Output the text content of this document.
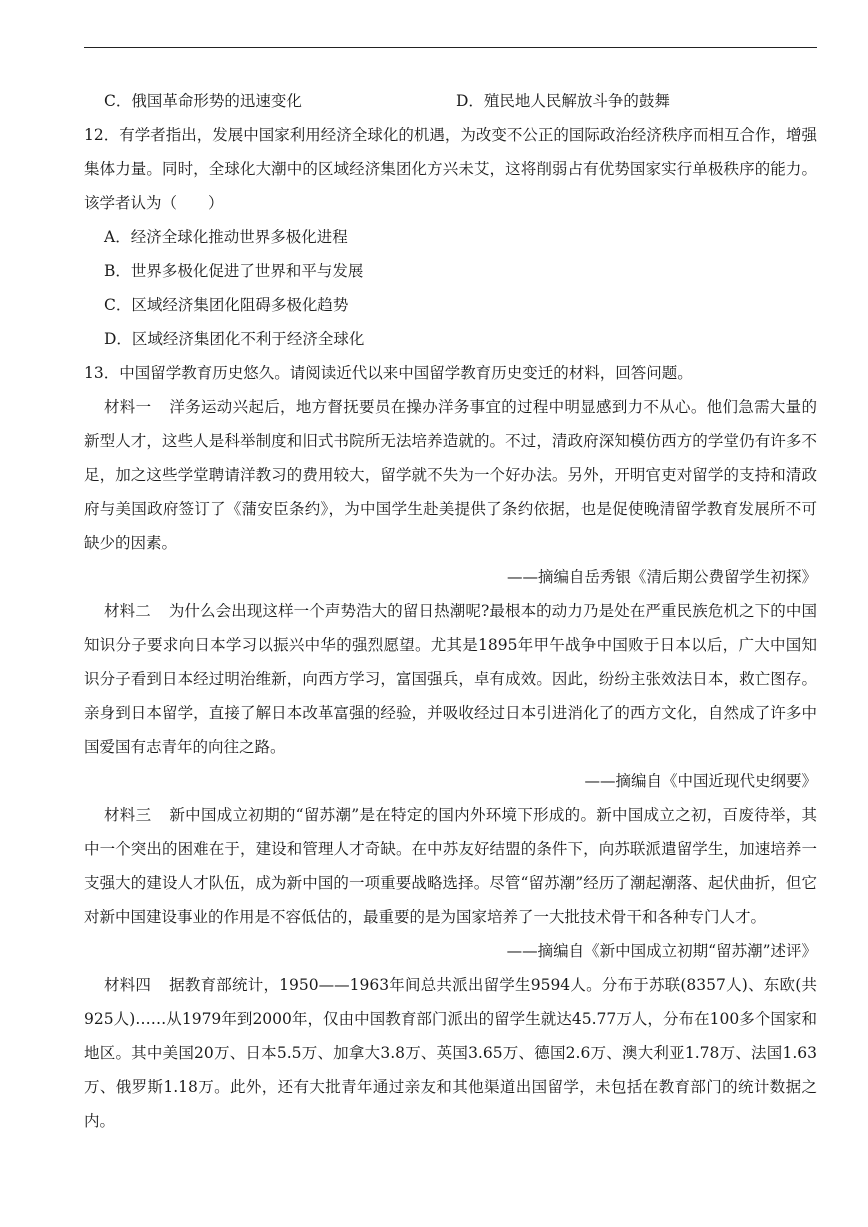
C．俄国革命形势的迅速变化	D．殖民地人民解放斗争的鼓舞

12．有学者指出，发展中国家利用经济全球化的机遇，为改变不公正的国际政治经济秩序而相互合作，增强集体力量。同时，全球化大潮中的区域经济集团化方兴未艾，这将削弱占有优势国家实行单极秩序的能力。该学者认为（　　）

A．经济全球化推动世界多极化进程
B．世界多极化促进了世界和平与发展
C．区域经济集团化阻碍多极化趋势
D．区域经济集团化不利于经济全球化

13．中国留学教育历史悠久。请阅读近代以来中国留学教育历史变迁的材料，回答问题。

材料一 洋务运动兴起后，地方督抚要员在操办洋务事宜的过程中明显感到力不从心。他们急需大量的新型人才，这些人是科举制度和旧式书院所无法培养造就的。不过，清政府深知模仿西方的学堂仍有许多不足，加之这些学堂聘请洋教习的费用较大，留学就不失为一个好办法。另外，开明官吏对留学的支持和清政府与美国政府签订了《蒲安臣条约》，为中国学生赴美提供了条约依据，也是促使晚清留学教育发展所不可缺少的因素。

——摘编自岳秀银《清后期公费留学生初探》

材料二 为什么会出现这样一个声势浩大的留日热潮呢?最根本的动力乃是处在严重民族危机之下的中国知识分子要求向日本学习以振兴中华的强烈愿望。尤其是1895年甲午战争中国败于日本以后，广大中国知识分子看到日本经过明治维新，向西方学习，富国强兵，卓有成效。因此，纷纷主张效法日本，救亡图存。亲身到日本留学，直接了解日本改革富强的经验，并吸收经过日本引进消化了的西方文化，自然成了许多中国爱国有志青年的向往之路。

——摘编自《中国近现代史纲要》

材料三 新中国成立初期的“留苏潮”是在特定的国内外环境下形成的。新中国成立之初，百废待举，其中一个突出的困难在于，建设和管理人才奇缺。在中苏友好结盟的条件下，向苏联派遣留学生，加速培养一支强大的建设人才队伍，成为新中国的一项重要战略选择。尽管“留苏潮”经历了潮起潮落、起伏曲折，但它对新中国建设事业的作用是不容低估的，最重要的是为国家培养了一大批技术骨干和各种专门人才。

——摘编自《新中国成立初期“留苏潮”述评》

材料四 据教育部统计，1950——1963年间总共派出留学生9594人。分布于苏联(8357人)、东欧(共925人)……从1979年到2000年，仅由中国教育部门派出的留学生就达45.77万人，分布在100多个国家和地区。其中美国20万、日本5.5万、加拿大3.8万、英国3.65万、德国2.6万、澳大利亚1.78万、法国1.63万、俄罗斯1.18万。此外，还有大批青年通过亲友和其他渠道出国留学，未包括在教育部门的统计数据之内。
